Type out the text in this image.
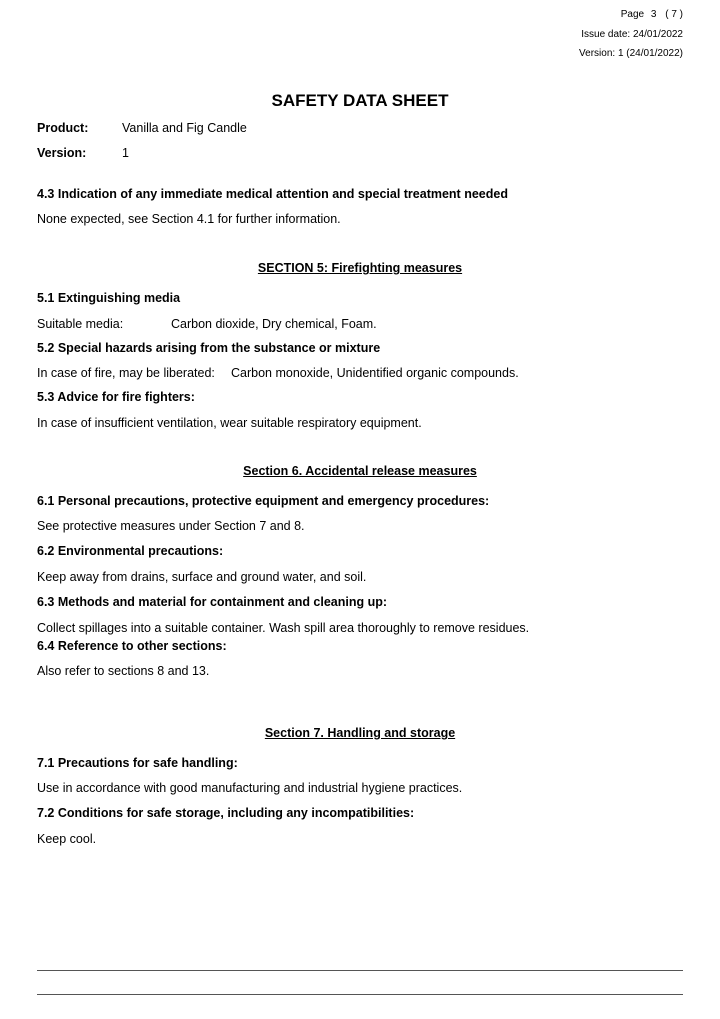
Page 3 ( 7 )
Issue date: 24/01/2022
Version: 1 (24/01/2022)
SAFETY DATA SHEET
Product:	Vanilla and Fig Candle
Version:	1
4.3 Indication of any immediate medical attention and special treatment needed
None expected, see Section 4.1 for further information.
SECTION 5: Firefighting measures
5.1 Extinguishing media
Suitable media:	Carbon dioxide, Dry chemical, Foam.
5.2 Special hazards arising from the substance or mixture
In case of fire, may be liberated: Carbon monoxide, Unidentified organic compounds.
5.3 Advice for fire fighters:
In case of insufficient ventilation, wear suitable respiratory equipment.
Section 6. Accidental release measures
6.1 Personal precautions, protective equipment and emergency procedures:
See protective measures under Section 7 and 8.
6.2 Environmental precautions:
Keep away from drains, surface and ground water, and soil.
6.3 Methods and material for containment and cleaning up:
Collect spillages into a suitable container. Wash spill area thoroughly to remove residues.
6.4 Reference to other sections:
Also refer to sections 8 and 13.
Section 7. Handling and storage
7.1 Precautions for safe handling:
Use in accordance with good manufacturing and industrial hygiene practices.
7.2 Conditions for safe storage, including any incompatibilities:
Keep cool.
